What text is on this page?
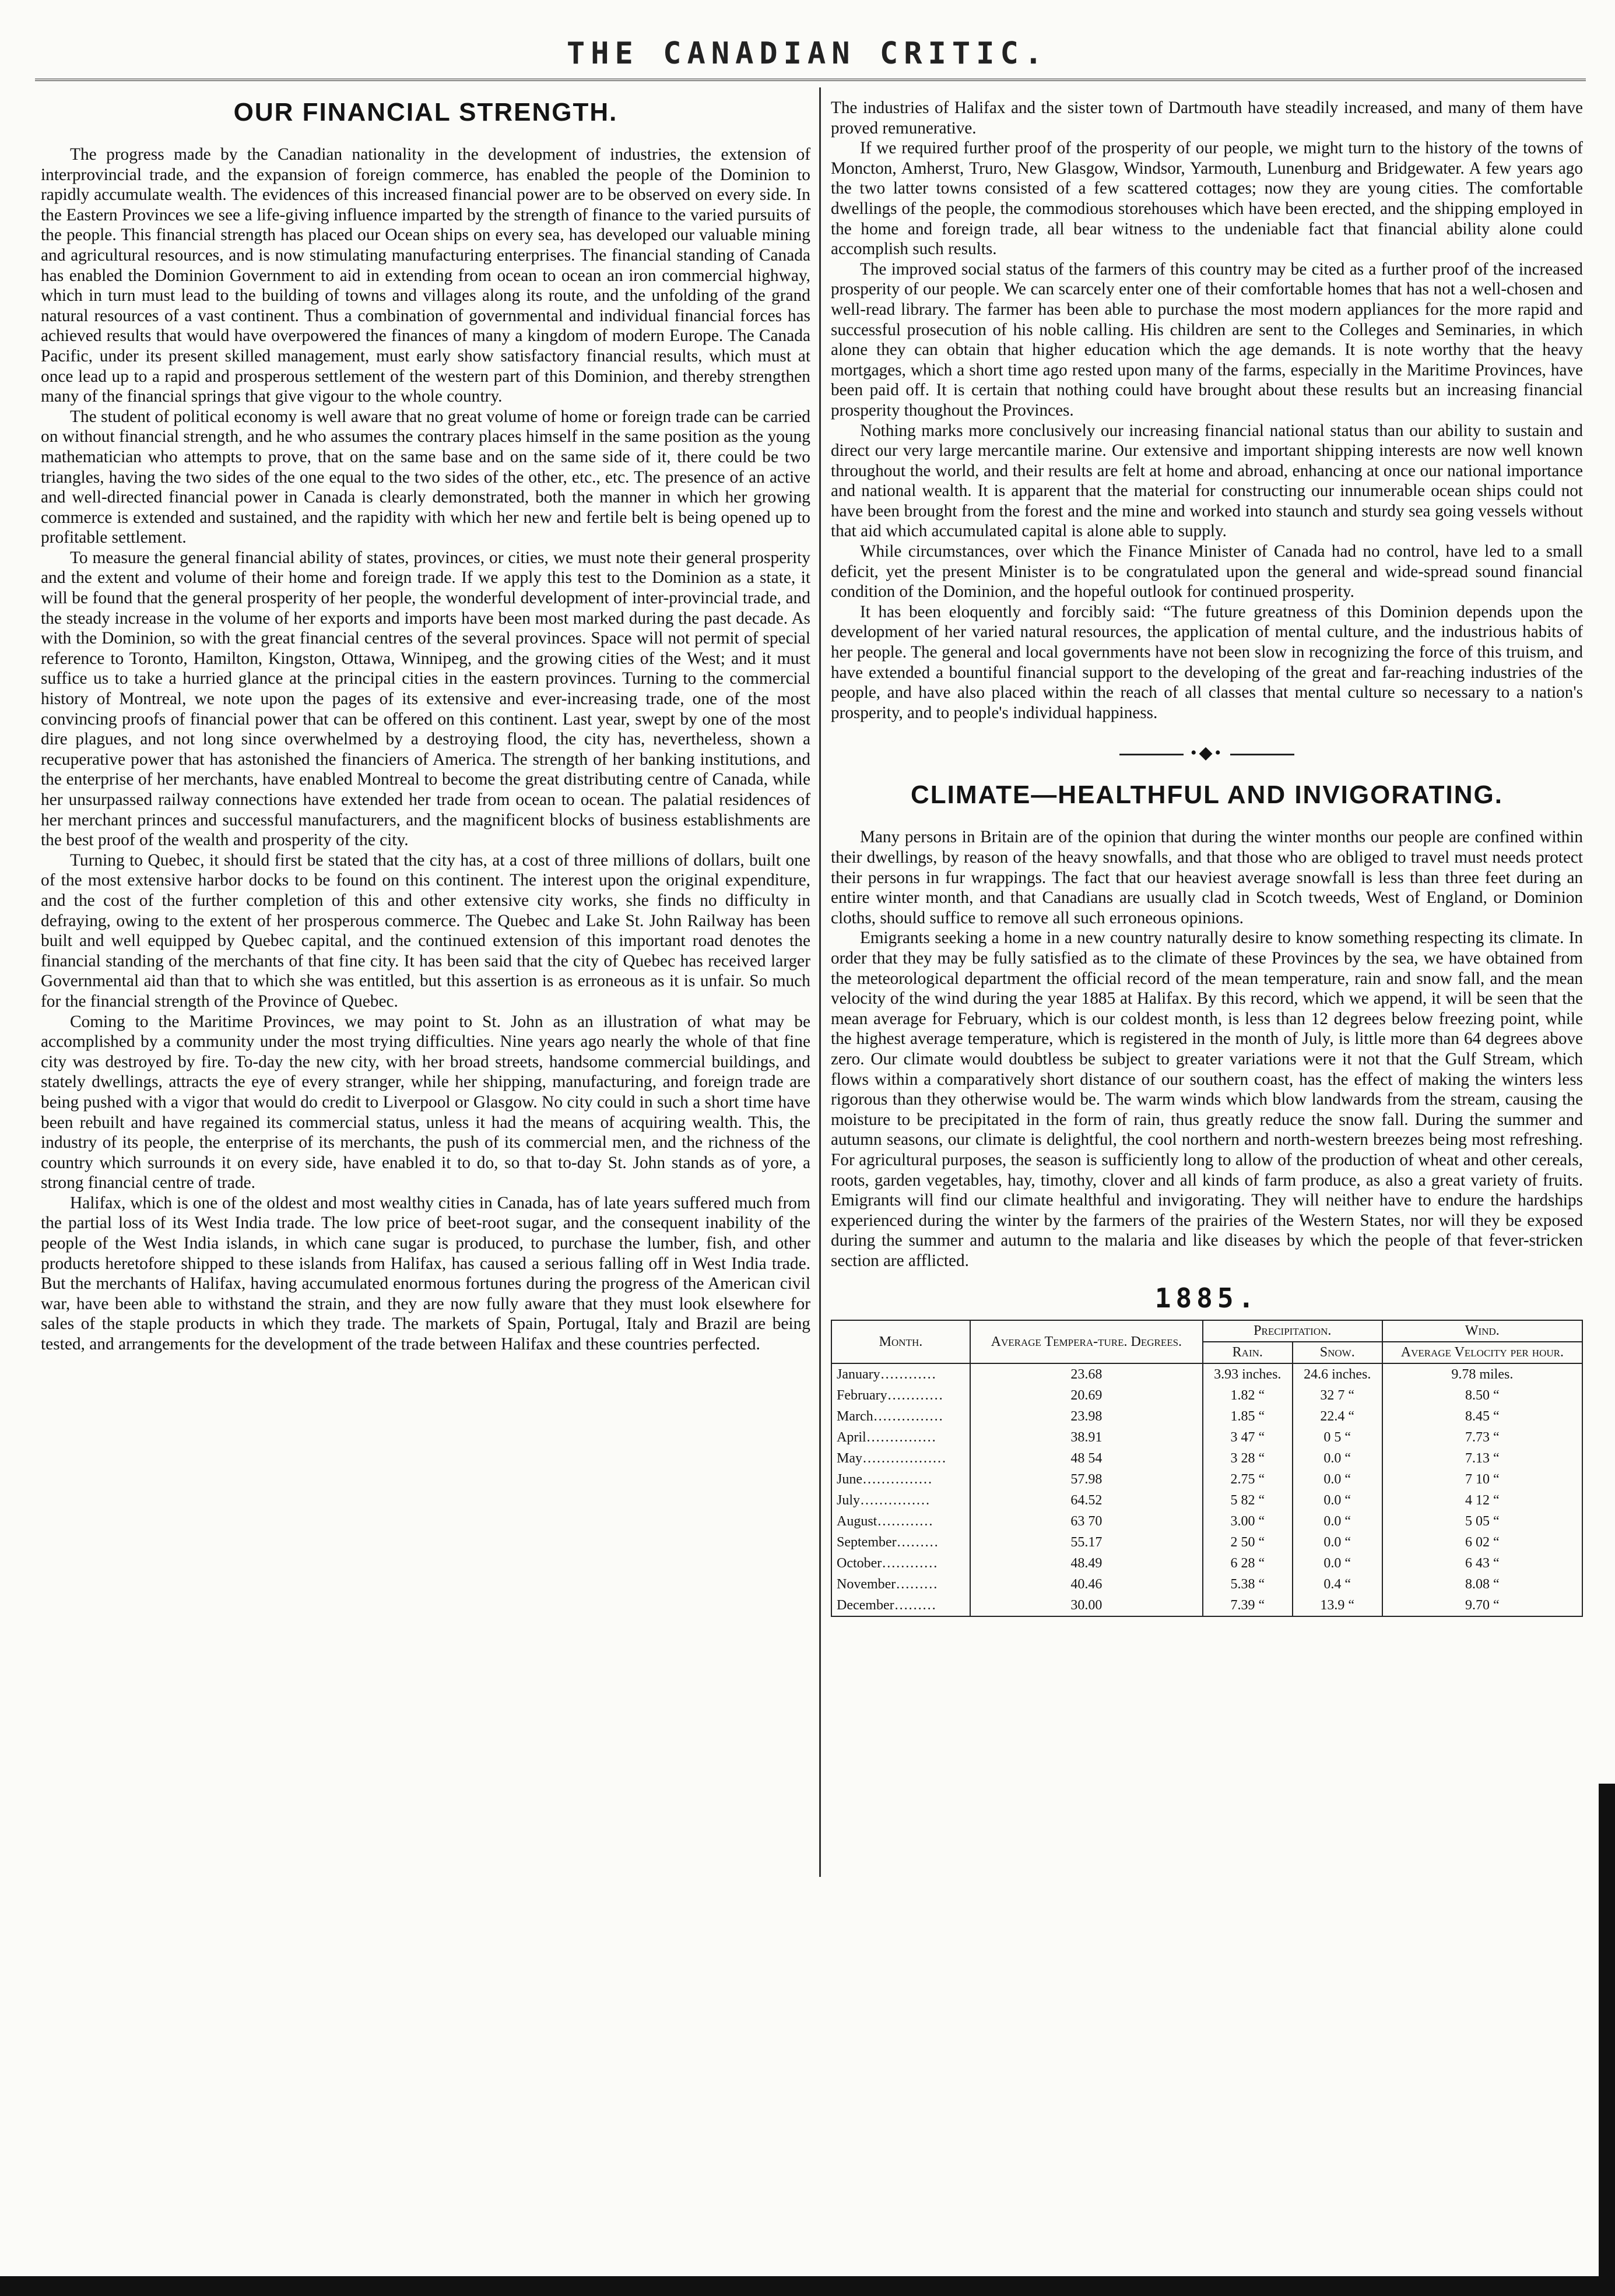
THE CANADIAN CRITIC.
OUR FINANCIAL STRENGTH.

The progress made by the Canadian nationality in the development of industries, the extension of interprovincial trade, and the expansion of foreign commerce, has enabled the people of the Dominion to rapidly accumulate wealth. The evidences of this increased financial power are to be observed on every side. In the Eastern Provinces we see a life-giving influence imparted by the strength of finance to the varied pursuits of the people. This financial strength has placed our Ocean ships on every sea, has developed our valuable mining and agricultural resources, and is now stimulating manufacturing enterprises. The financial standing of Canada has enabled the Dominion Government to aid in extending from ocean to ocean an iron commercial highway, which in turn must lead to the building of towns and villages along its route, and the unfolding of the grand natural resources of a vast continent. Thus a combination of governmental and individual financial forces has achieved results that would have overpowered the finances of many a kingdom of modern Europe. The Canada Pacific, under its present skilled management, must early show satisfactory financial results, which must at once lead up to a rapid and prosperous settlement of the western part of this Dominion, and thereby strengthen many of the financial springs that give vigour to the whole country.

The student of political economy is well aware that no great volume of home or foreign trade can be carried on without financial strength, and he who assumes the contrary places himself in the same position as the young mathematician who attempts to prove, that on the same base and on the same side of it, there could be two triangles, having the two sides of the one equal to the two sides of the other, etc., etc. The presence of an active and well-directed financial power in Canada is clearly demonstrated, both the manner in which her growing commerce is extended and sustained, and the rapidity with which her new and fertile belt is being opened up to profitable settlement.

To measure the general financial ability of states, provinces, or cities, we must note their general prosperity and the extent and volume of their home and foreign trade. If we apply this test to the Dominion as a state, it will be found that the general prosperity of her people, the wonderful development of inter-provincial trade, and the steady increase in the volume of her exports and imports have been most marked during the past decade. As with the Dominion, so with the great financial centres of the several provinces. Space will not permit of special reference to Toronto, Hamilton, Kingston, Ottawa, Winnipeg, and the growing cities of the West; and it must suffice us to take a hurried glance at the principal cities in the eastern provinces. Turning to the commercial history of Montreal, we note upon the pages of its extensive and ever-increasing trade, one of the most convincing proofs of financial power that can be offered on this continent. Last year, swept by one of the most dire plagues, and not long since overwhelmed by a destroying flood, the city has, nevertheless, shown a recuperative power that has astonished the financiers of America. The strength of her banking institutions, and the enterprise of her merchants, have enabled Montreal to become the great distributing centre of Canada, while her unsurpassed railway connections have extended her trade from ocean to ocean. The palatial residences of her merchant princes and successful manufacturers, and the magnificent blocks of business establishments are the best proof of the wealth and prosperity of the city.

Turning to Quebec, it should first be stated that the city has, at a cost of three millions of dollars, built one of the most extensive harbor docks to be found on this continent. The interest upon the original expenditure, and the cost of the further completion of this and other extensive city works, she finds no difficulty in defraying, owing to the extent of her prosperous commerce. The Quebec and Lake St. John Railway has been built and well equipped by Quebec capital, and the continued extension of this important road denotes the financial standing of the merchants of that fine city. It has been said that the city of Quebec has received larger Governmental aid than that to which she was entitled, but this assertion is as erroneous as it is unfair. So much for the financial strength of the Province of Quebec.

Coming to the Maritime Provinces, we may point to St. John as an illustration of what may be accomplished by a community under the most trying difficulties. Nine years ago nearly the whole of that fine city was destroyed by fire. To-day the new city, with her broad streets, handsome commercial buildings, and stately dwellings, attracts the eye of every stranger, while her shipping, manufacturing, and foreign trade are being pushed with a vigor that would do credit to Liverpool or Glasgow. No city could in such a short time have been rebuilt and have regained its commercial status, unless it had the means of acquiring wealth. This, the industry of its people, the enterprise of its merchants, the push of its commercial men, and the richness of the country which surrounds it on every side, have enabled it to do, so that to-day St. John stands as of yore, a strong financial centre of trade.

Halifax, which is one of the oldest and most wealthy cities in Canada, has of late years suffered much from the partial loss of its West India trade. The low price of beet-root sugar, and the consequent inability of the people of the West India islands, in which cane sugar is produced, to purchase the lumber, fish, and other products heretofore shipped to these islands from Halifax, has caused a serious falling off in West India trade. But the merchants of Halifax, having accumulated enormous fortunes during the progress of the American civil war, have been able to withstand the strain, and they are now fully aware that they must look elsewhere for sales of the staple products in which they trade. The markets of Spain, Portugal, Italy and Brazil are being tested, and arrangements for the development of the trade between Halifax and these countries perfected.

The industries of Halifax and the sister town of Dartmouth have steadily increased, and many of them have proved remunerative.

If we required further proof of the prosperity of our people, we might turn to the history of the towns of Moncton, Amherst, Truro, New Glasgow, Windsor, Yarmouth, Lunenburg and Bridgewater. A few years ago the two latter towns consisted of a few scattered cottages; now they are young cities. The comfortable dwellings of the people, the commodious storehouses which have been erected, and the shipping employed in the home and foreign trade, all bear witness to the undeniable fact that financial ability alone could accomplish such results.

The improved social status of the farmers of this country may be cited as a further proof of the increased prosperity of our people. We can scarcely enter one of their comfortable homes that has not a well-chosen and well-read library. The farmer has been able to purchase the most modern appliances for the more rapid and successful prosecution of his noble calling. His children are sent to the Colleges and Seminaries, in which alone they can obtain that higher education which the age demands. It is note worthy that the heavy mortgages, which a short time ago rested upon many of the farms, especially in the Maritime Provinces, have been paid off. It is certain that nothing could have brought about these results but an increasing financial prosperity thoughout the Provinces.

Nothing marks more conclusively our increasing financial national status than our ability to sustain and direct our very large mercantile marine. Our extensive and important shipping interests are now well known throughout the world, and their results are felt at home and abroad, enhancing at once our national importance and national wealth. It is apparent that the material for constructing our innumerable ocean ships could not have been brought from the forest and the mine and worked into staunch and sturdy sea going vessels without that aid which accumulated capital is alone able to supply.

While circumstances, over which the Finance Minister of Canada had no control, have led to a small deficit, yet the present Minister is to be congratulated upon the general and wide-spread sound financial condition of the Dominion, and the hopeful outlook for continued prosperity.

It has been eloquently and forcibly said: “The future greatness of this Dominion depends upon the development of her varied natural resources, the application of mental culture, and the industrious habits of her people. The general and local governments have not been slow in recognizing the force of this truism, and have extended a bountiful financial support to the developing of the great and far-reaching industries of the people, and have also placed within the reach of all classes that mental culture so necessary to a nation's prosperity, and to people's individual happiness.

•◆•
CLIMATE—HEALTHFUL AND INVIGORATING.

Many persons in Britain are of the opinion that during the winter months our people are confined within their dwellings, by reason of the heavy snowfalls, and that those who are obliged to travel must needs protect their persons in fur wrappings. The fact that our heaviest average snowfall is less than three feet during an entire winter month, and that Canadians are usually clad in Scotch tweeds, West of England, or Dominion cloths, should suffice to remove all such erroneous opinions.

Emigrants seeking a home in a new country naturally desire to know something respecting its climate. In order that they may be fully satisfied as to the climate of these Provinces by the sea, we have obtained from the meteorological department the official record of the mean temperature, rain and snow fall, and the mean velocity of the wind during the year 1885 at Halifax. By this record, which we append, it will be seen that the mean average for February, which is our coldest month, is less than 12 degrees below freezing point, while the highest average temperature, which is registered in the month of July, is little more than 64 degrees above zero. Our climate would doubtless be subject to greater variations were it not that the Gulf Stream, which flows within a comparatively short distance of our southern coast, has the effect of making the winters less rigorous than they otherwise would be. The warm winds which blow landwards from the stream, causing the moisture to be precipitated in the form of rain, thus greatly reduce the snow fall. During the summer and autumn seasons, our climate is delightful, the cool northern and north-western breezes being most refreshing. For agricultural purposes, the season is sufficiently long to allow of the production of wheat and other cereals, roots, garden vegetables, hay, timothy, clover and all kinds of farm produce, as also a great variety of fruits. Emigrants will find our climate healthful and invigorating. They will neither have to endure the hardships experienced during the winter by the farmers of the prairies of the Western States, nor will they be exposed during the summer and autumn to the malaria and like diseases by which the people of that fever-stricken section are afflicted.

1885.
Month.	Average Tempera-ture. Degrees.	Precipitation.		Wind.
		Rain.	Snow.	Average Velocity per hour.
January…………	23.68	3.93 inches.	24.6 inches.	9.78 miles.
February…………	20.69	1.82 “	32 7 “	8.50 “
March……………	23.98	1.85 “	22.4 “	8.45 “
April……………	38.91	3 47 “	0 5 “	7.73 “
May………………	48 54	3 28 “	0.0 “	7.13 “
June……………	57.98	2.75 “	0.0 “	7 10 “
July……………	64.52	5 82 “	0.0 “	4 12 “
August…………	63 70	3.00 “	0.0 “	5 05 “
September………	55.17	2 50 “	0.0 “	6 02 “
October…………	48.49	6 28 “	0.0 “	6 43 “
November………	40.46	5.38 “	0.4 “	8.08 “
December………	30.00	7.39 “	13.9 “	9.70 “
